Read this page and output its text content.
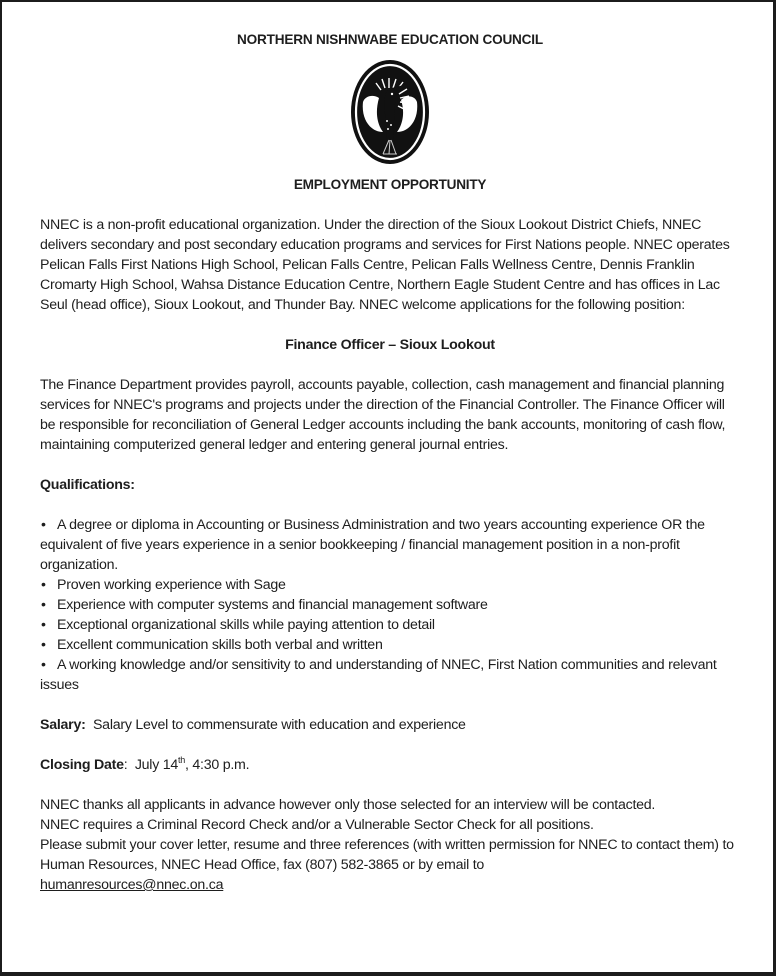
NORTHERN NISHNWABE EDUCATION COUNCIL
EMPLOYMENT OPPORTUNITY

NNEC is a non-profit educational organization. Under the direction of the Sioux Lookout District Chiefs, NNEC delivers secondary and post secondary education programs and services for First Nations people. NNEC operates Pelican Falls First Nations High School, Pelican Falls Centre, Pelican Falls Wellness Centre, Dennis Franklin Cromarty High School, Wahsa Distance Education Centre, Northern Eagle Student Centre and has offices in Lac Seul (head office), Sioux Lookout, and Thunder Bay. NNEC welcome applications for the following position:

Finance Officer – Sioux Lookout

The Finance Department provides payroll, accounts payable, collection, cash management and financial planning services for NNEC's programs and projects under the direction of the Financial Controller. The Finance Officer will be responsible for reconciliation of General Ledger accounts including the bank accounts, monitoring of cash flow, maintaining computerized general ledger and entering general journal entries.

Qualifications:

• A degree or diploma in Accounting or Business Administration and two years accounting experience OR the equivalent of five years experience in a senior bookkeeping / financial management position in a non-profit organization.
• Proven working experience with Sage
• Experience with computer systems and financial management software
• Exceptional organizational skills while paying attention to detail
• Excellent communication skills both verbal and written
• A working knowledge and/or sensitivity to and understanding of NNEC, First Nation communities and relevant issues

Salary: Salary Level to commensurate with education and experience

Closing Date: July 14th, 4:30 p.m.

NNEC thanks all applicants in advance however only those selected for an interview will be contacted.

NNEC requires a Criminal Record Check and/or a Vulnerable Sector Check for all positions.

Please submit your cover letter, resume and three references (with written permission for NNEC to contact them) to Human Resources, NNEC Head Office, fax (807) 582-3865 or by email to
humanresources@nnec.on.ca
